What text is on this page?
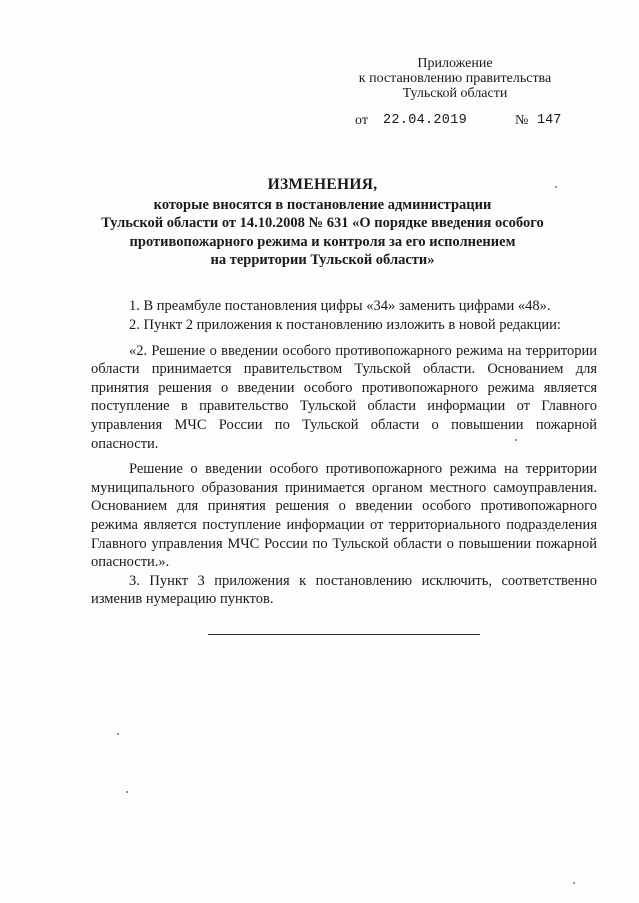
Приложение
к постановлению правительства
Тульской области
от 22.04.2019	№ 147
ИЗМЕНЕНИЯ,
которые вносятся в постановление администрации
Тульской области от 14.10.2008 № 631 «О порядке введения особого
противопожарного режима и контроля за его исполнением
на территории Тульской области»

1. В преамбуле постановления цифры «34» заменить цифрами «48».

2. Пункт 2 приложения к постановлению изложить в новой редакции:

«2. Решение о введении особого противопожарного режима на территории области принимается правительством Тульской области. Основанием для принятия решения о введении особого противопожарного режима является поступление в правительство Тульской области информации от Главного управления МЧС России по Тульской области о повышении пожарной опасности.

Решение о введении особого противопожарного режима на территории муниципального образования принимается органом местного самоуправления. Основанием для принятия решения о введении особого противопожарного режима является поступление информации от территориального подразделения Главного управления МЧС России по Тульской области о повышении пожарной опасности.».

3. Пункт 3 приложения к постановлению исключить, соответственно изменив нумерацию пунктов.
